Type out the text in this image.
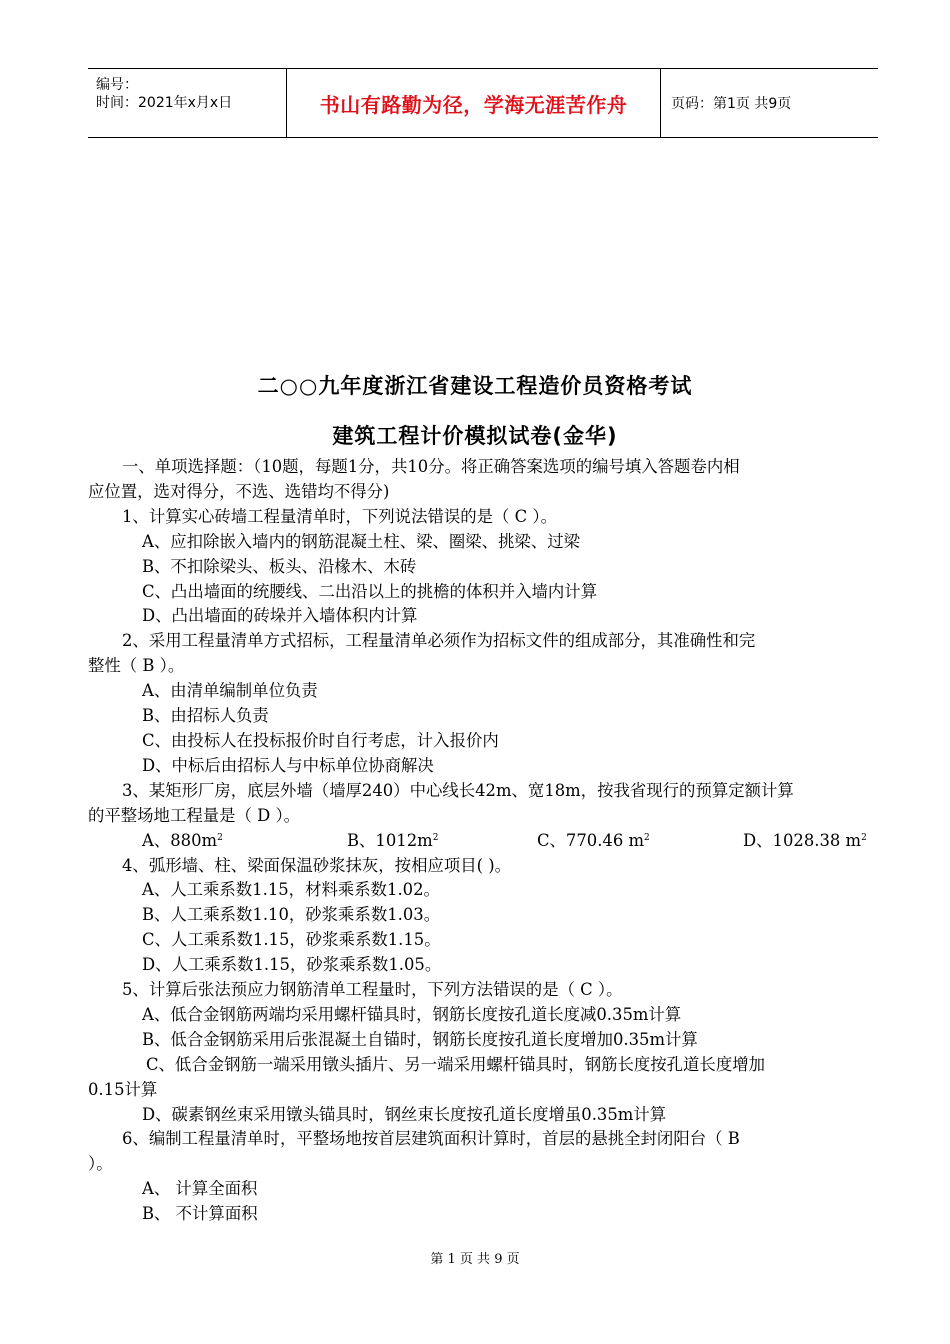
编号：
时间：2021年x月x日	书山有路勤为径，学海无涯苦作舟	页码：第1页 共9页
二○○九年度浙江省建设工程造价员资格考试
建筑工程计价模拟试卷(金华)

一、单项选择题：（10题，每题1分，共10分。将正确答案选项的编号填入答题卷内相

应位置，选对得分，不选、选错均不得分)

1、计算实心砖墙工程量清单时，下列说法错误的是（ C ）。

A、应扣除嵌入墙内的钢筋混凝土柱、梁、圈梁、挑梁、过梁

B、不扣除梁头、板头、沿椽木、木砖

C、凸出墙面的统腰线、二出沿以上的挑檐的体积并入墙内计算

D、凸出墙面的砖垛并入墙体积内计算

2、采用工程量清单方式招标，工程量清单必须作为招标文件的组成部分，其准确性和完

整性（ B ）。

A、由清单编制单位负责

B、由招标人负责

C、由投标人在投标报价时自行考虑，计入报价内

D、中标后由招标人与中标单位协商解决

3、某矩形厂房，底层外墙（墙厚240）中心线长42m、宽18m，按我省现行的预算定额计算

的平整场地工程量是（ D ）。

A、$880m^2$	B、$1012m^2$	C、770.46 $m^2$	D、1028.38 $m^2$

4、弧形墙、柱、梁面保温砂浆抹灰，按相应项目( )。

A、人工乘系数1.15，材料乘系数1.02。

B、人工乘系数1.10，砂浆乘系数1.03。

C、人工乘系数1.15，砂浆乘系数1.15。

D、人工乘系数1.15，砂浆乘系数1.05。

5、计算后张法预应力钢筋清单工程量时，下列方法错误的是（ C ）。

A、低合金钢筋两端均采用螺杆锚具时，钢筋长度按孔道长度减0.35m计算

B、低合金钢筋采用后张混凝土自锚时，钢筋长度按孔道长度增加0.35m计算

C、低合金钢筋一端采用镦头插片、另一端采用螺杆锚具时，钢筋长度按孔道长度增加

0.15计算

D、碳素钢丝束采用镦头锚具时，钢丝束长度按孔道长度增虽0.35m计算

6、编制工程量清单时，平整场地按首层建筑面积计算时，首层的悬挑全封闭阳台（ B

）。

A、 计算全面积

B、 不计算面积

第 1 页 共 9 页
